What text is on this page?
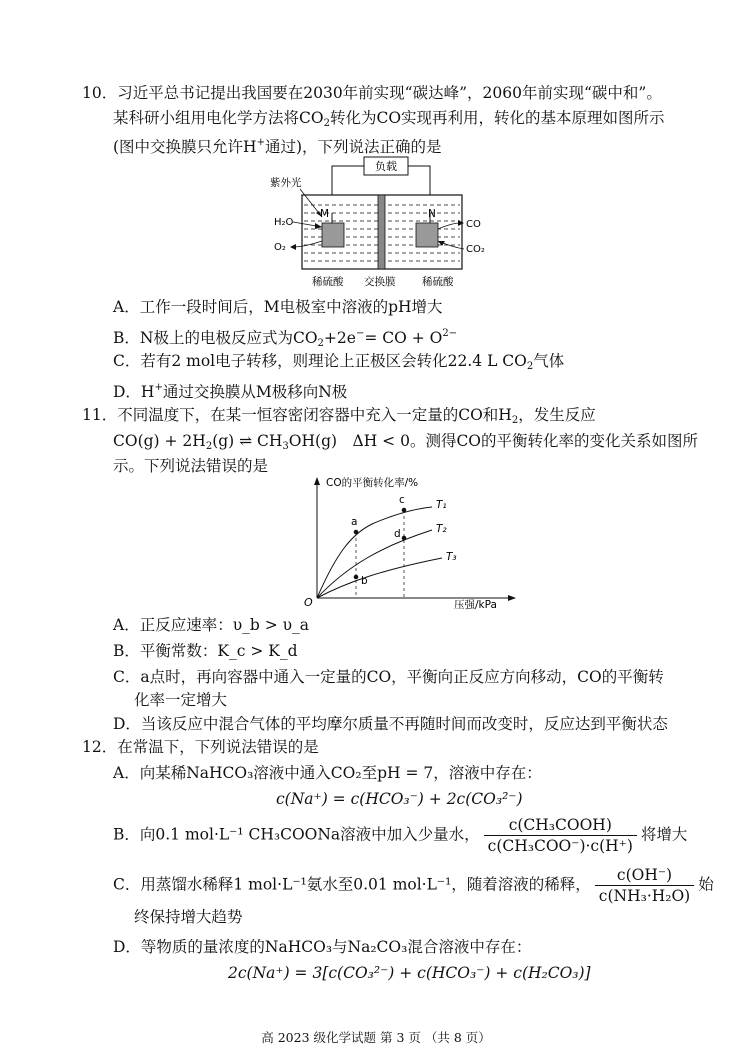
10．习近平总书记提出我国要在2030年前实现“碳达峰”，2060年前实现“碳中和”。
某科研小组用电化学方法将$CO_2$转化为CO实现再利用，转化的基本原理如图所示
(图中交换膜只允许H+通过)，下列说法正确的是
负载
紫外光
M	N
H₂O
O₂
CO
CO₂
稀硫酸 交换膜	稀硫酸
A．工作一段时间后，M电极室中溶液的pH增大
B．N极上的电极反应式为$CO_2+2e^-=$ CO + $O^{2-}$
C．若有2 mol电子转移，则理论上正极区会转化22.4 L $CO_2$气体
D．H+通过交换膜从M极移向N极
11．不同温度下，在某一恒容密闭容器中充入一定量的CO和$H_2$，发生反应
$CO(g) + 2H_2(g)$ ⇌ $CH_3OH(g)$　ΔH < 0。测得CO的平衡转化率的变化关系如图所
示。下列说法错误的是
CO的平衡转化率/%
压强/kPa
O
T₁
T₂
T₃
a
b
c
d
A．正反应速率：υ_b > υ_a
B．平衡常数：K_c > K_d
C．a点时，再向容器中通入一定量的CO，平衡向正反应方向移动，CO的平衡转
化率一定增大
D．当该反应中混合气体的平均摩尔质量不再随时间而改变时，反应达到平衡状态
12．在常温下，下列说法错误的是
A．向某稀NaHCO₃溶液中通入CO₂至pH = 7，溶液中存在：
c(Na⁺) = c(HCO₃⁻) + 2c(CO₃²⁻)
B．向0.1 mol·L⁻¹ CH₃COONa溶液中加入少量水， $\frac{\text{c(CH₃COOH)}}{\text{c(CH₃COO⁻)·c(H⁺)}}$ 将增大
C．用蒸馏水稀释1 mol·L⁻¹氨水至0.01 mol·L⁻¹，随着溶液的稀释， $\frac{c(OH^-)}{\text{c(NH₃·H₂O)}}$ 始
终保持增大趋势
D．等物质的量浓度的NaHCO₃与Na₂CO₃混合溶液中存在：
2c(Na⁺) = 3[c(CO₃²⁻) + c(HCO₃⁻) + c(H₂CO₃)]
高 2023 级化学试题 第 3 页 （共 8 页）
